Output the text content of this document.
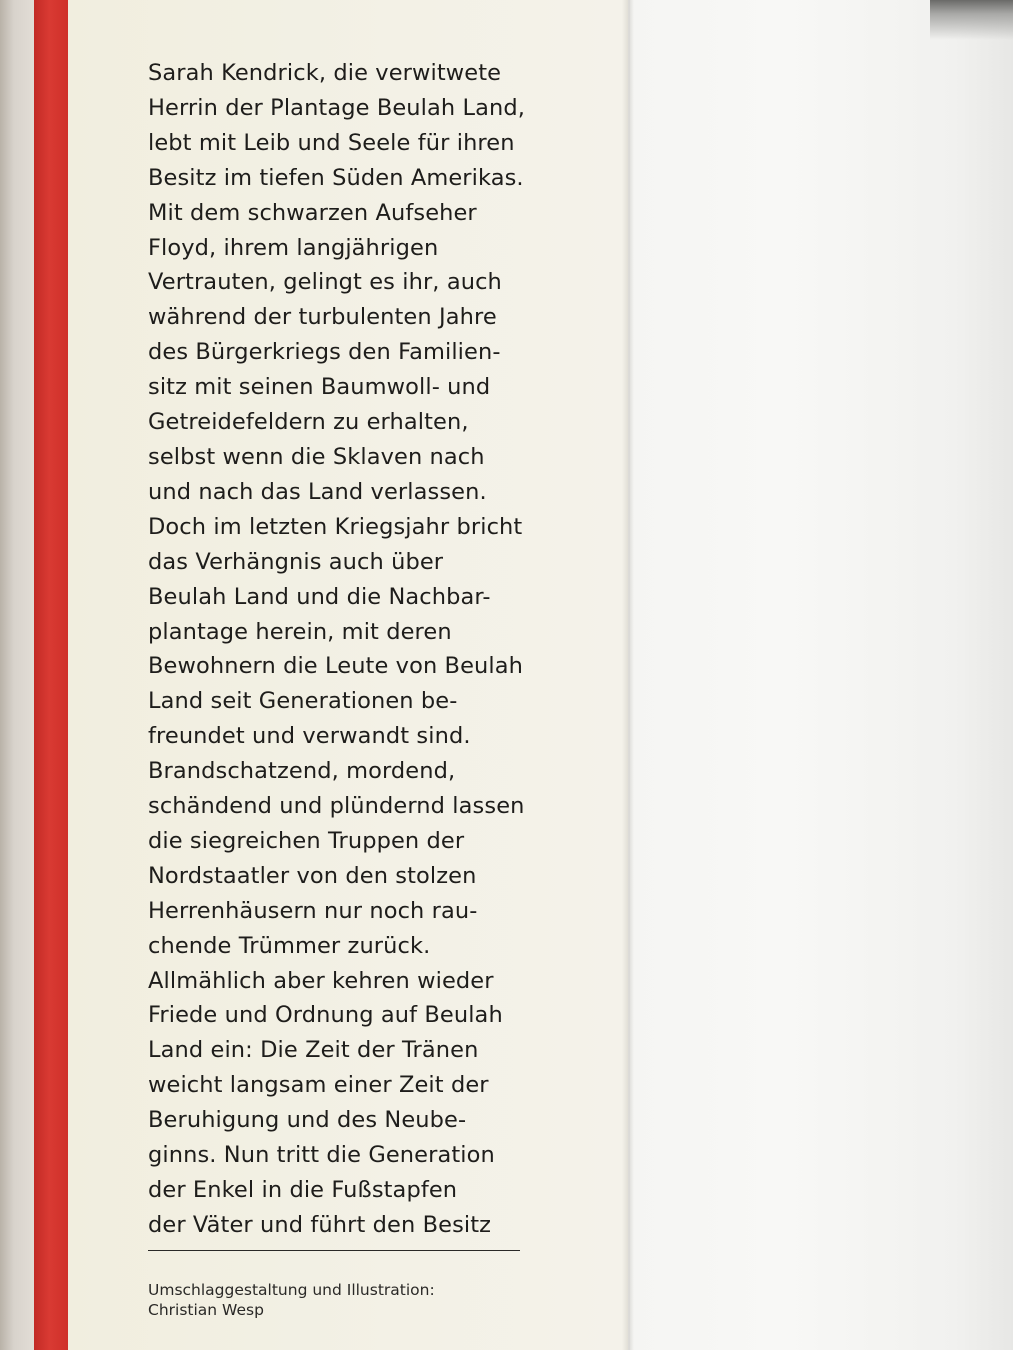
Sarah Kendrick, die verwitwete
Herrin der Plantage Beulah Land,
lebt mit Leib und Seele für ihren
Besitz im tiefen Süden Amerikas.
Mit dem schwarzen Aufseher
Floyd, ihrem langjährigen
Vertrauten, gelingt es ihr, auch
während der turbulenten Jahre
des Bürgerkriegs den Familien-
sitz mit seinen Baumwoll- und
Getreidefeldern zu erhalten,
selbst wenn die Sklaven nach
und nach das Land verlassen.
Doch im letzten Kriegsjahr bricht
das Verhängnis auch über
Beulah Land und die Nachbar-
plantage herein, mit deren
Bewohnern die Leute von Beulah
Land seit Generationen be-
freundet und verwandt sind.
Brandschatzend, mordend,
schändend und plündernd lassen
die siegreichen Truppen der
Nordstaatler von den stolzen
Herrenhäusern nur noch rau-
chende Trümmer zurück.
Allmählich aber kehren wieder
Friede und Ordnung auf Beulah
Land ein: Die Zeit der Tränen
weicht langsam einer Zeit der
Beruhigung und des Neube-
ginns. Nun tritt die Generation
der Enkel in die Fußstapfen
der Väter und führt den Besitz

Umschlaggestaltung und Illustration:
Christian Wesp
